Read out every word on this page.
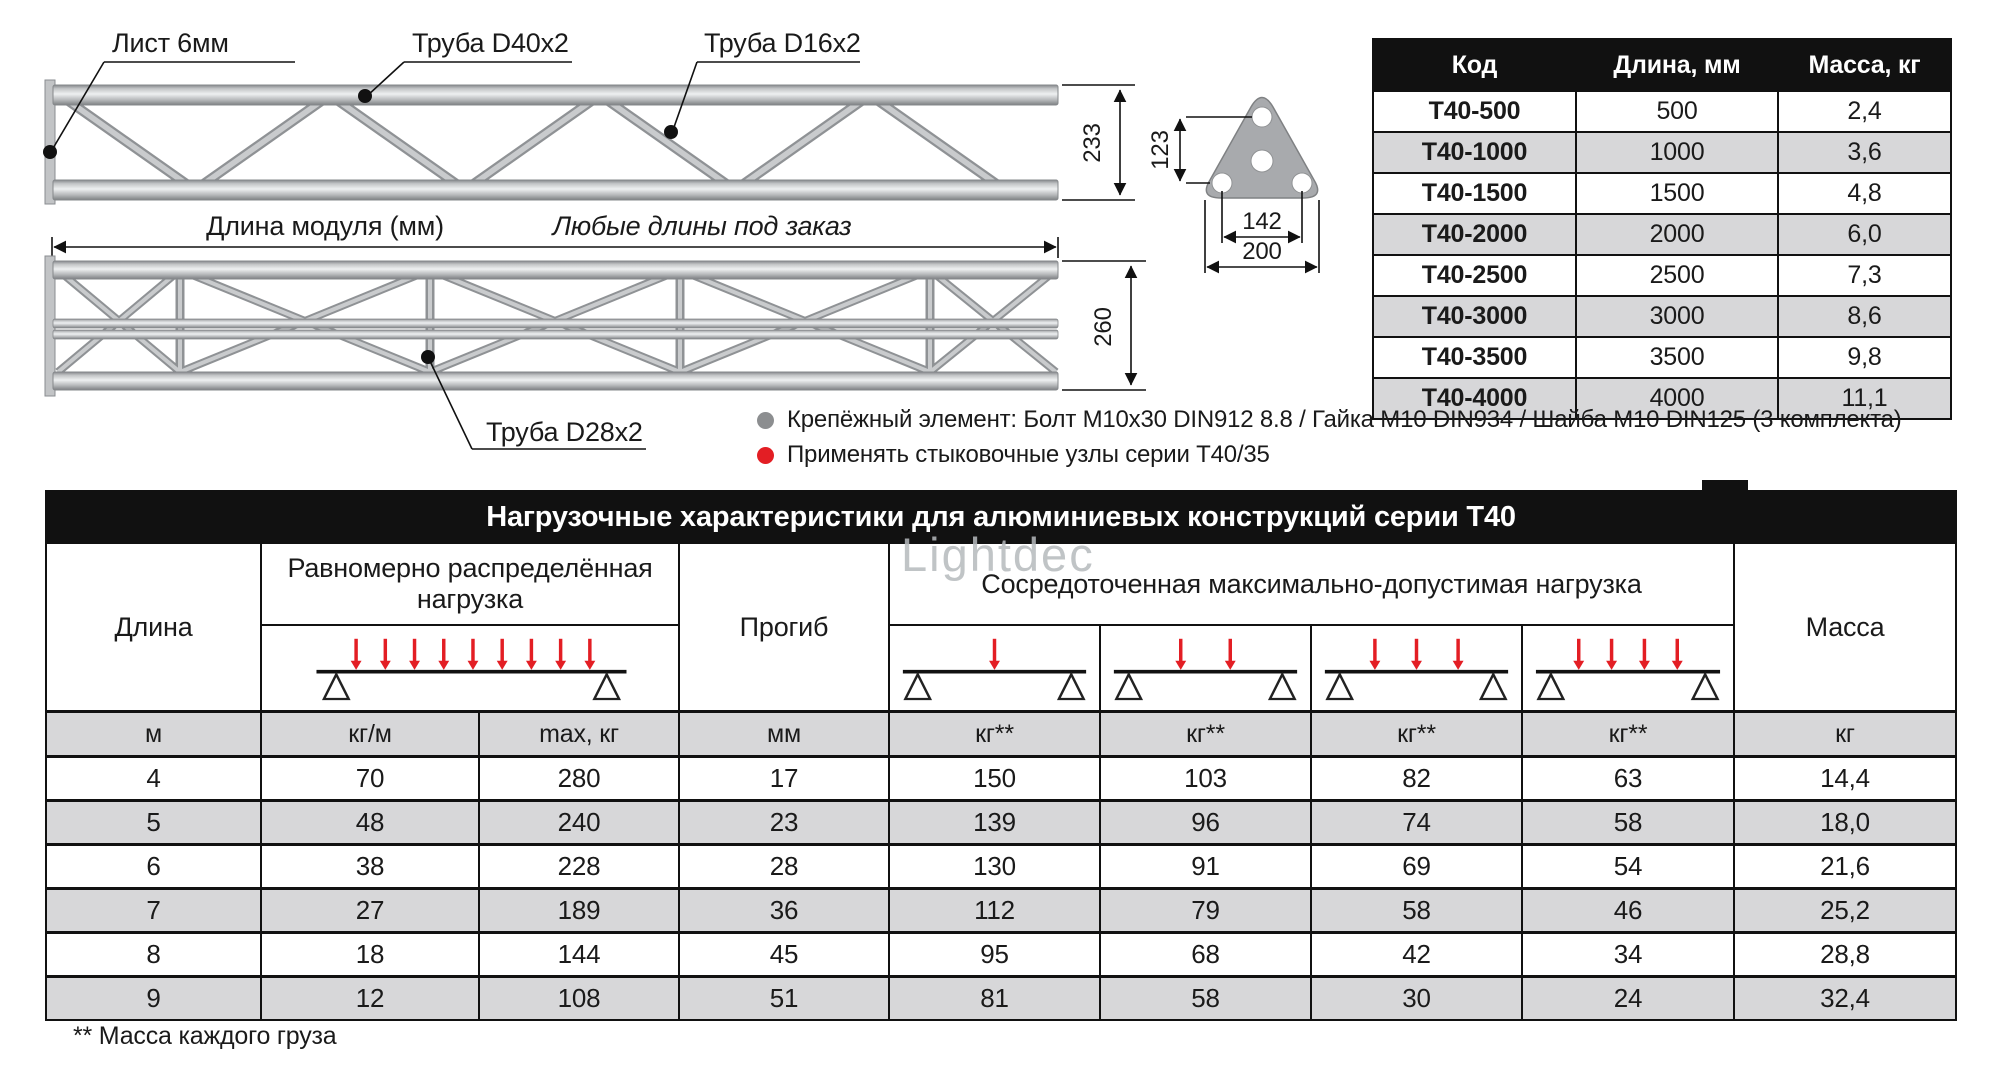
Лист 6мм	Труба D40x2	Труба D16x2
233
Длина модуля (мм)	Любые длины под заказ
260
Труба D28x2
123
142
200
Lightdec
Код	Длина, мм	Масса, кг
Т40-500	500	2,4
Т40-1000	1000	3,6
Т40-1500	1500	4,8
Т40-2000	2000	6,0
Т40-2500	2500	7,3
Т40-3000	3000	8,6
Т40-3500	3500	9,8
Т40-4000	4000	11,1
Крепёжный элемент: Болт М10х30 DIN912 8.8 / Гайка М10 DIN934 / Шайба М10 DIN125 (3 комплекта)
Применять стыковочные узлы серии Т40/35
Нагрузочные характеристики для алюминиевых конструкций серии Т40								
Длина	Равномерно распределённая нагрузка		Прогиб	Сосредоточенная максимально-допустимая нагрузка				Масса

м	кг/м	max, кг	мм	кг**	кг**	кг**	кг**	кг
4	70	280	17	150	103	82	63	14,4
5	48	240	23	139	96	74	58	18,0
6	38	228	28	130	91	69	54	21,6
7	27	189	36	112	79	58	46	25,2
8	18	144	45	95	68	42	34	28,8
9	12	108	51	81	58	30	24	32,4
** Масса каждого груза
